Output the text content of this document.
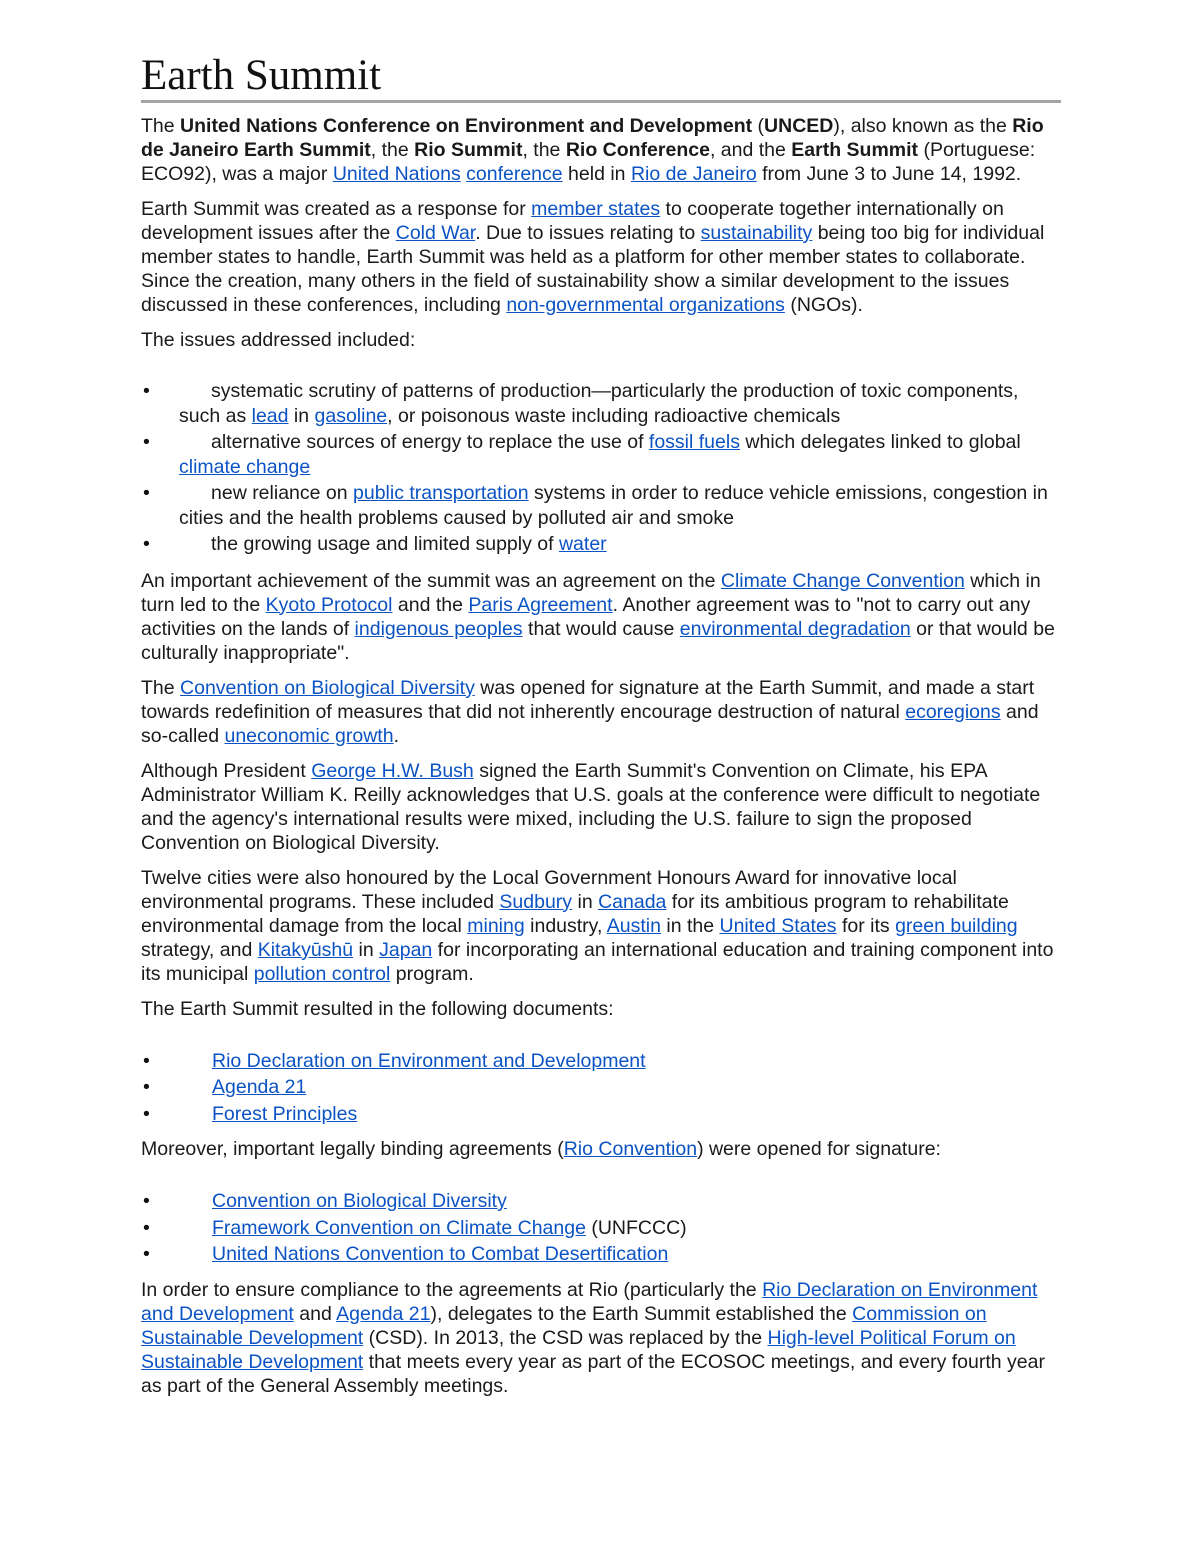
Earth Summit

The United Nations Conference on Environment and Development (UNCED), also known as the Rio de Janeiro Earth Summit, the Rio Summit, the Rio Conference, and the Earth Summit (Portuguese: ECO92), was a major United Nations conference held in Rio de Janeiro from June 3 to June 14, 1992.

Earth Summit was created as a response for member states to cooperate together internationally on development issues after the Cold War. Due to issues relating to sustainability being too big for individual member states to handle, Earth Summit was held as a platform for other member states to collaborate. Since the creation, many others in the field of sustainability show a similar development to the issues discussed in these conferences, including non-governmental organizations (NGOs).

The issues addressed included:

• systematic scrutiny of patterns of production—particularly the production of toxic components, such as lead in gasoline, or poisonous waste including radioactive chemicals
• alternative sources of energy to replace the use of fossil fuels which delegates linked to global climate change
• new reliance on public transportation systems in order to reduce vehicle emissions, congestion in cities and the health problems caused by polluted air and smoke
• the growing usage and limited supply of water

An important achievement of the summit was an agreement on the Climate Change Convention which in turn led to the Kyoto Protocol and the Paris Agreement. Another agreement was to "not to carry out any activities on the lands of indigenous peoples that would cause environmental degradation or that would be culturally inappropriate".

The Convention on Biological Diversity was opened for signature at the Earth Summit, and made a start towards redefinition of measures that did not inherently encourage destruction of natural ecoregions and so-called uneconomic growth.

Although President George H.W. Bush signed the Earth Summit's Convention on Climate, his EPA Administrator William K. Reilly acknowledges that U.S. goals at the conference were difficult to negotiate and the agency's international results were mixed, including the U.S. failure to sign the proposed Convention on Biological Diversity.

Twelve cities were also honoured by the Local Government Honours Award for innovative local environmental programs. These included Sudbury in Canada for its ambitious program to rehabilitate environmental damage from the local mining industry, Austin in the United States for its green building strategy, and Kitakyūshū in Japan for incorporating an international education and training component into its municipal pollution control program.

The Earth Summit resulted in the following documents:

• Rio Declaration on Environment and Development
• Agenda 21
• Forest Principles

Moreover, important legally binding agreements (Rio Convention) were opened for signature:

• Convention on Biological Diversity
• Framework Convention on Climate Change (UNFCCC)
• United Nations Convention to Combat Desertification

In order to ensure compliance to the agreements at Rio (particularly the Rio Declaration on Environment and Development and Agenda 21), delegates to the Earth Summit established the Commission on Sustainable Development (CSD). In 2013, the CSD was replaced by the High-level Political Forum on Sustainable Development that meets every year as part of the ECOSOC meetings, and every fourth year as part of the General Assembly meetings.
